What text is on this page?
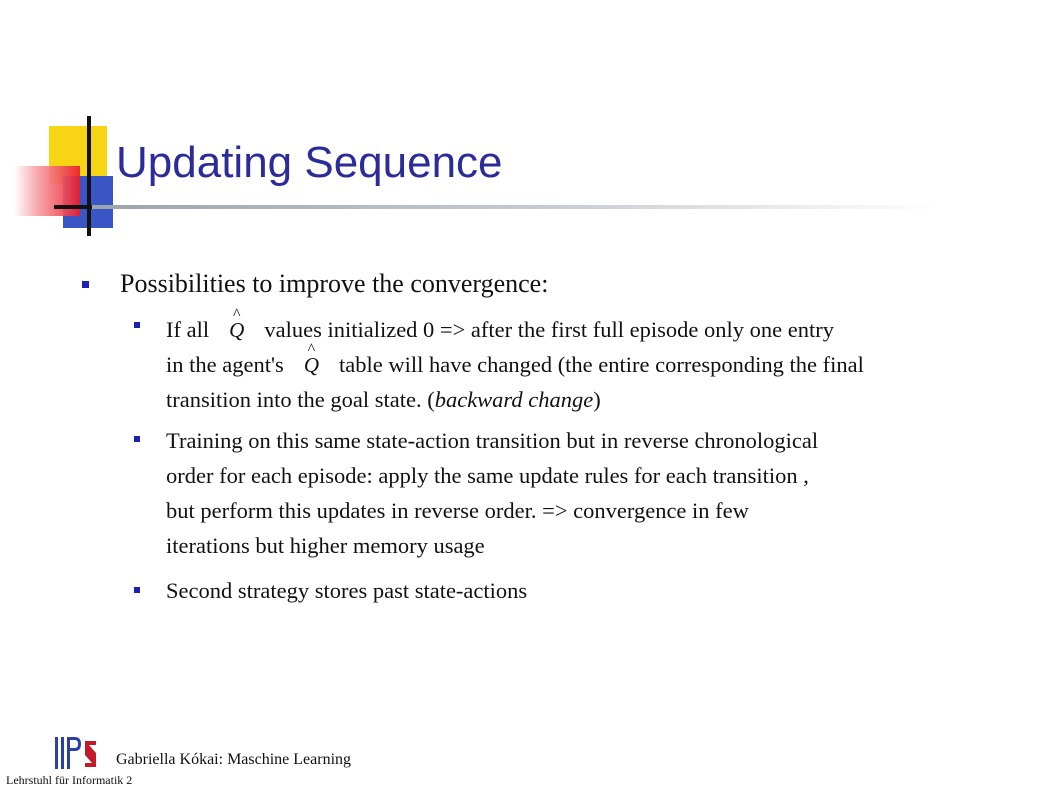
Updating Sequence
Possibilities to improve the convergence:
If all
^
Q values initialized 0 => after the first full episode only one entry
in the agent's
^
Q table will have changed (the entire corresponding the final
transition into the goal state. (backward change)
Training on this same state-action transition but in reverse chronological
order for each episode: apply the same update rules for each transition ,
but perform this updates in reverse order. => convergence in few
iterations but higher memory usage
Second strategy stores past state-actions
Gabriella Kókai: Maschine Learning
Lehrstuhl für Informatik 2
